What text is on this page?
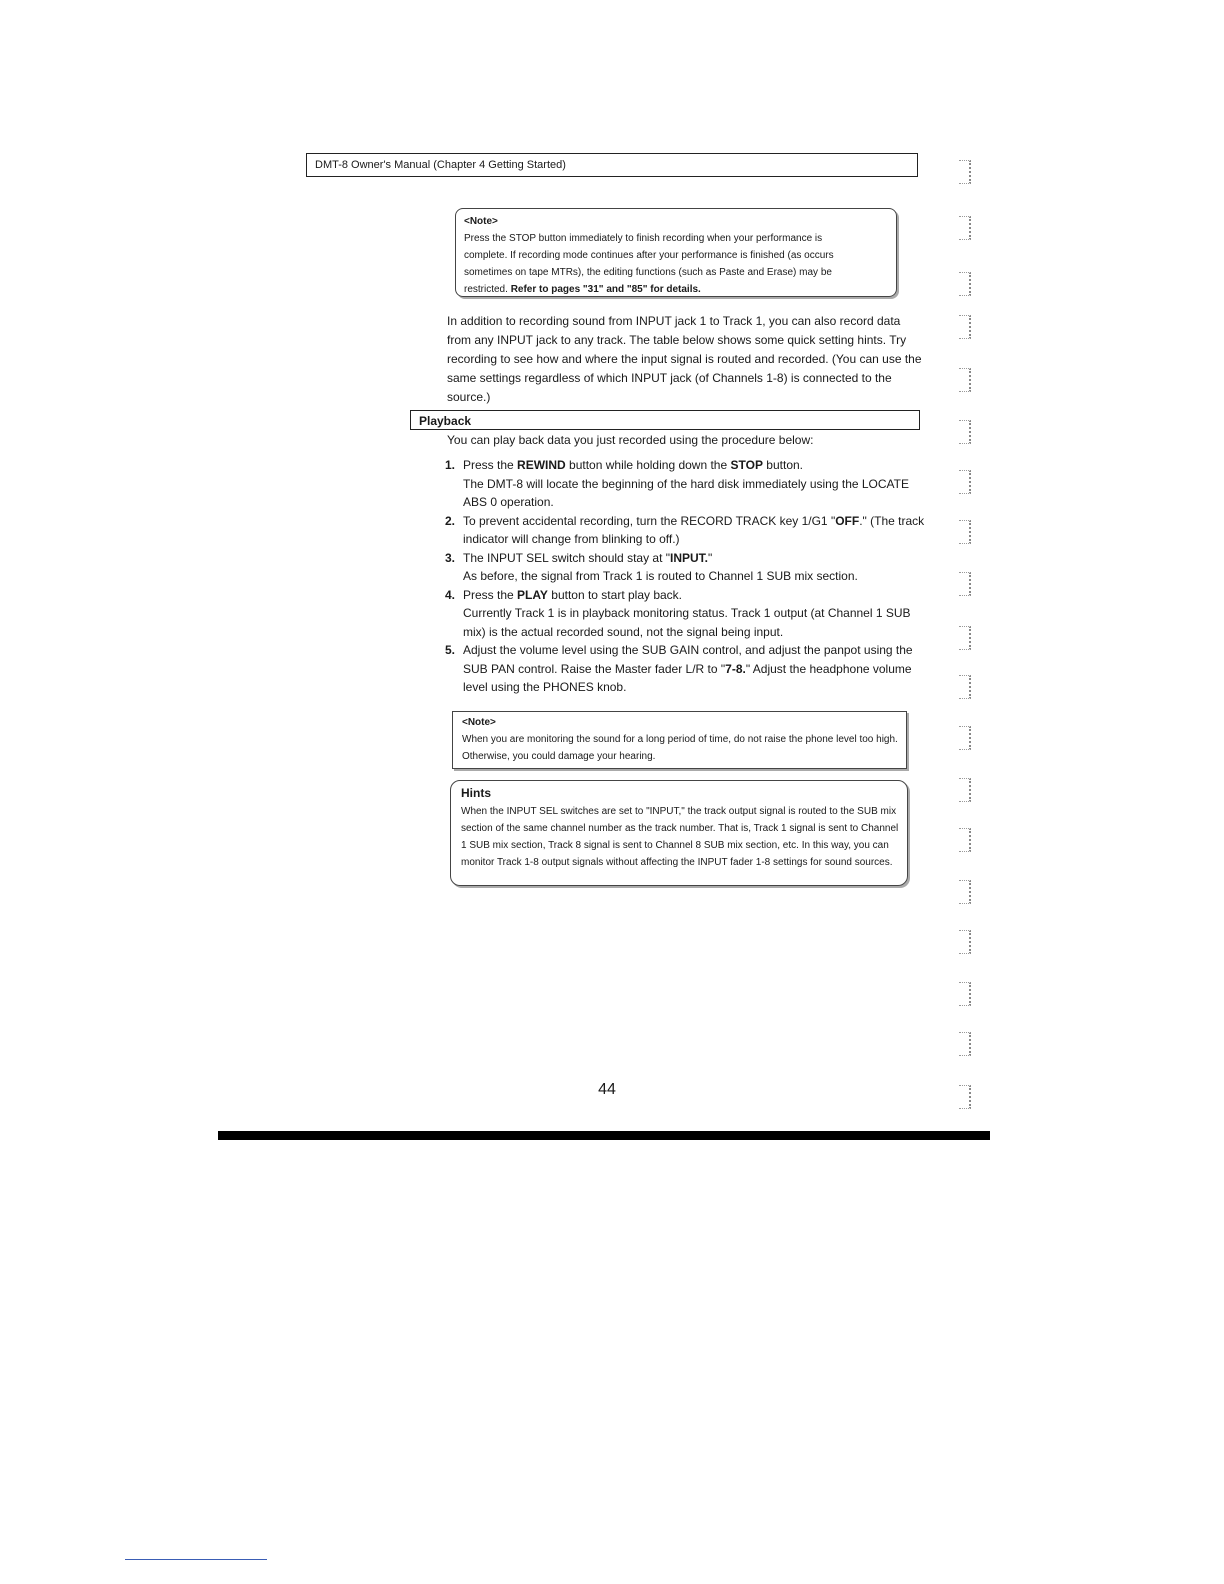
DMT-8 Owner's Manual (Chapter 4 Getting Started)
<Note>
Press the STOP button immediately to finish recording when your performance is
complete. If recording mode continues after your performance is finished (as occurs
sometimes on tape MTRs), the editing functions (such as Paste and Erase) may be
restricted. Refer to pages "31" and "85" for details.

In addition to recording sound from INPUT jack 1 to Track 1, you can also record data from any INPUT jack to any track. The table below shows some quick setting hints. Try recording to see how and where the input signal is routed and recorded. (You can use the same settings regardless of which INPUT jack (of Channels 1-8) is connected to the source.)

Playback

You can play back data you just recorded using the procedure below:

1. Press the REWIND button while holding down the STOP button.
The DMT-8 will locate the beginning of the hard disk immediately using the LOCATE ABS 0 operation.
2. To prevent accidental recording, turn the RECORD TRACK key 1/G1 "OFF." (The track indicator will change from blinking to off.)
3. The INPUT SEL switch should stay at "INPUT."
As before, the signal from Track 1 is routed to Channel 1 SUB mix section.
4. Press the PLAY button to start play back.
Currently Track 1 is in playback monitoring status. Track 1 output (at Channel 1 SUB mix) is the actual recorded sound, not the signal being input.
5. Adjust the volume level using the SUB GAIN control, and adjust the panpot using the SUB PAN control. Raise the Master fader L/R to "7-8." Adjust the headphone volume level using the PHONES knob.
<Note>
When you are monitoring the sound for a long period of time, do not raise the phone level too high. Otherwise, you could damage your hearing.
Hints
When the INPUT SEL switches are set to "INPUT," the track output signal is routed to the SUB mix section of the same channel number as the track number. That is, Track 1 signal is sent to Channel 1 SUB mix section, Track 8 signal is sent to Channel 8 SUB mix section, etc. In this way, you can monitor Track 1-8 output signals without affecting the INPUT fader 1-8 settings for sound sources.
44
